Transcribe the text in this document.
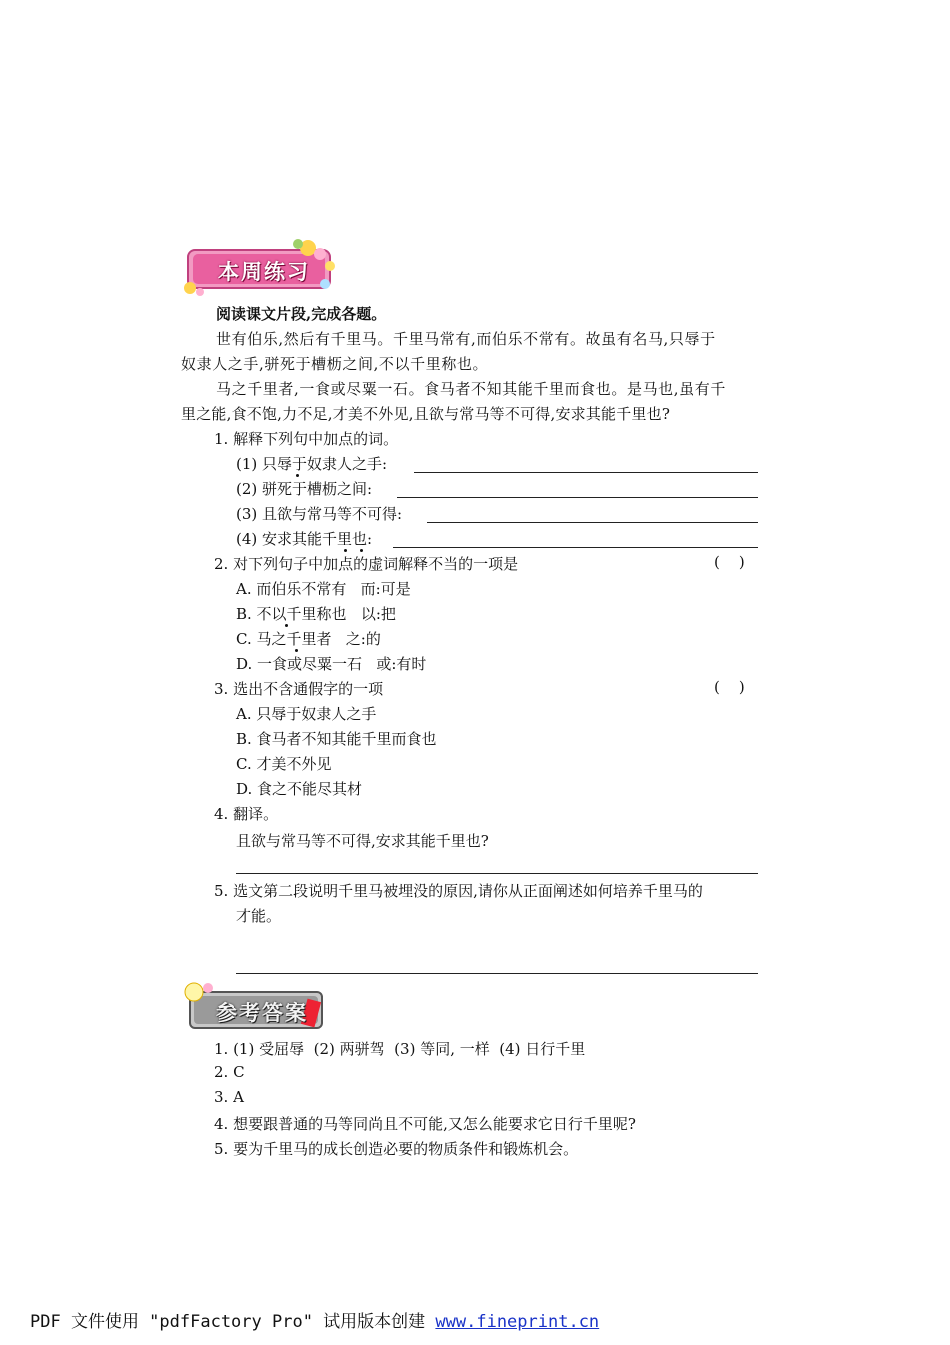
本周练习
阅读课文片段,完成各题。
世有伯乐,然后有千里马。千里马常有,而伯乐不常有。故虽有名马,只辱于
奴隶人之手,骈死于槽枥之间,不以千里称也。
马之千里者,一食或尽粟一石。食马者不知其能千里而食也。是马也,虽有千
里之能,食不饱,力不足,才美不外见,且欲与常马等不可得,安求其能千里也?
1. 解释下列句中加点的词。
(1) 只辱于奴隶人之手:
(2) 骈死于槽枥之间:
(3) 且欲与常马等不可得:
(4) 安求其能千里也:
2. 对下列句子中加点的虚词解释不当的一项是	(    )
A. 而伯乐不常有   而:可是
B. 不以千里称也   以:把
C. 马之千里者   之:的
D. 一食或尽粟一石   或:有时
3. 选出不含通假字的一项	(    )
A. 只辱于奴隶人之手
B. 食马者不知其能千里而食也
C. 才美不外见
D. 食之不能尽其材
4. 翻译。
且欲与常马等不可得,安求其能千里也?
5. 选文第二段说明千里马被埋没的原因,请你从正面阐述如何培养千里马的
才能。
参考答案
1. (1) 受屈辱  (2) 两骈驾  (3) 等同, 一样  (4) 日行千里
2. C
3. A
4. 想要跟普通的马等同尚且不可能,又怎么能要求它日行千里呢?
5. 要为千里马的成长创造必要的物质条件和锻炼机会。
PDF 文件使用 "pdfFactory Pro" 试用版本创建 www.fineprint.cn
